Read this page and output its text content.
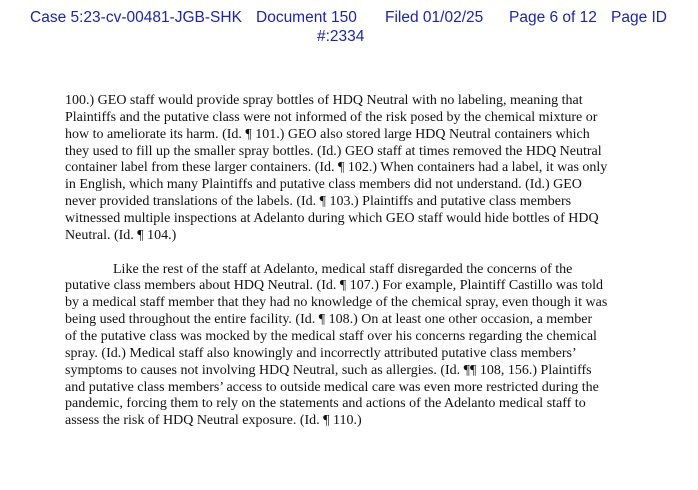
Case 5:23-cv-00481-JGB-SHK Document 150 Filed 01/02/25 Page 6 of 12 Page ID
#:2334
100.) GEO staff would provide spray bottles of HDQ Neutral with no labeling, meaning that
Plaintiffs and the putative class were not informed of the risk posed by the chemical mixture or
how to ameliorate its harm. (Id. ¶ 101.) GEO also stored large HDQ Neutral containers which
they used to fill up the smaller spray bottles. (Id.) GEO staff at times removed the HDQ Neutral
container label from these larger containers. (Id. ¶ 102.) When containers had a label, it was only
in English, which many Plaintiffs and putative class members did not understand. (Id.) GEO
never provided translations of the labels. (Id. ¶ 103.) Plaintiffs and putative class members
witnessed multiple inspections at Adelanto during which GEO staff would hide bottles of HDQ
Neutral. (Id. ¶ 104.)
Like the rest of the staff at Adelanto, medical staff disregarded the concerns of the
putative class members about HDQ Neutral. (Id. ¶ 107.) For example, Plaintiff Castillo was told
by a medical staff member that they had no knowledge of the chemical spray, even though it was
being used throughout the entire facility. (Id. ¶ 108.) On at least one other occasion, a member
of the putative class was mocked by the medical staff over his concerns regarding the chemical
spray. (Id.) Medical staff also knowingly and incorrectly attributed putative class members’
symptoms to causes not involving HDQ Neutral, such as allergies. (Id. ¶¶ 108, 156.) Plaintiffs
and putative class members’ access to outside medical care was even more restricted during the
pandemic, forcing them to rely on the statements and actions of the Adelanto medical staff to
assess the risk of HDQ Neutral exposure. (Id. ¶ 110.)
